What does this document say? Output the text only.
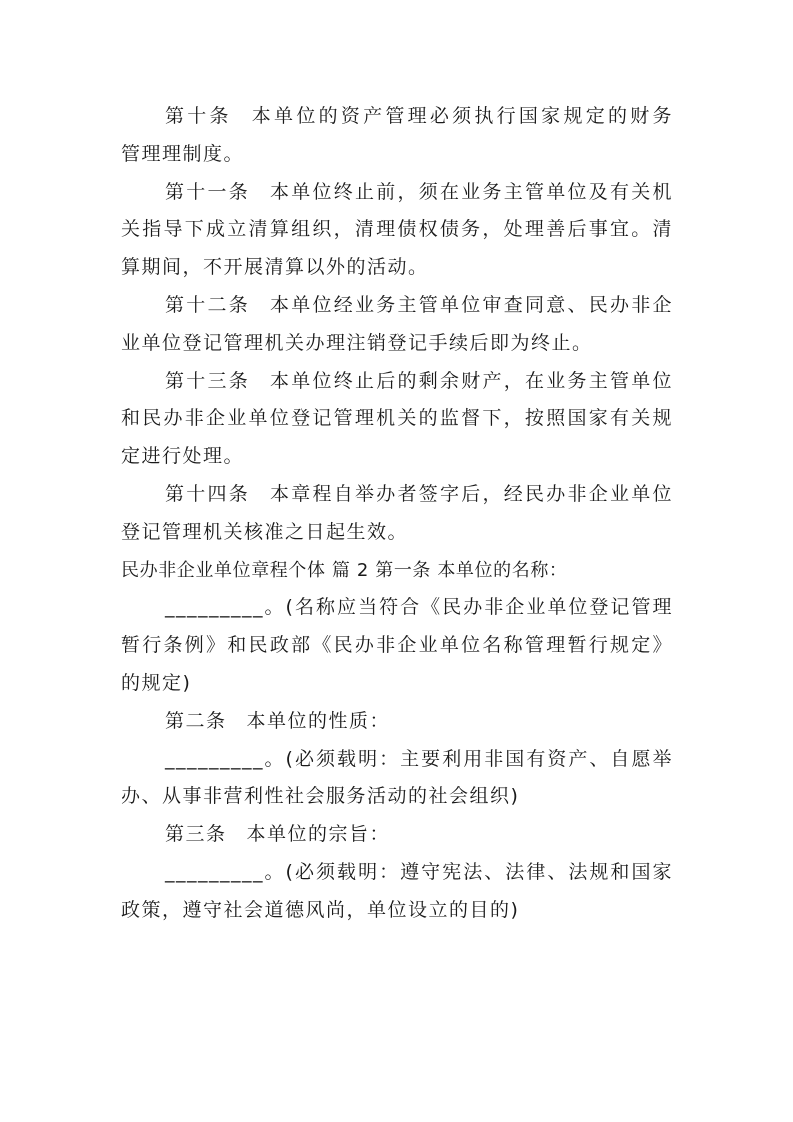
第十条 本单位的资产管理必须执行国家规定的财务
管理理制度。
第十一条 本单位终止前，须在业务主管单位及有关机
关指导下成立清算组织，清理债权债务，处理善后事宜。清
算期间，不开展清算以外的活动。
第十二条 本单位经业务主管单位审查同意、民办非企
业单位登记管理机关办理注销登记手续后即为终止。
第十三条 本单位终止后的剩余财产，在业务主管单位
和民办非企业单位登记管理机关的监督下，按照国家有关规
定进行处理。
第十四条 本章程自举办者签字后，经民办非企业单位
登记管理机关核准之日起生效。
民办非企业单位章程个体 篇 2 第一条 本单位的名称：
_________。(名称应当符合《民办非企业单位登记管理
暂行条例》和民政部《民办非企业单位名称管理暂行规定》
的规定)
第二条 本单位的性质：
_________。(必须载明：主要利用非国有资产、自愿举
办、从事非营利性社会服务活动的社会组织)
第三条 本单位的宗旨：
_________。(必须载明：遵守宪法、法律、法规和国家
政策，遵守社会道德风尚，单位设立的目的)
